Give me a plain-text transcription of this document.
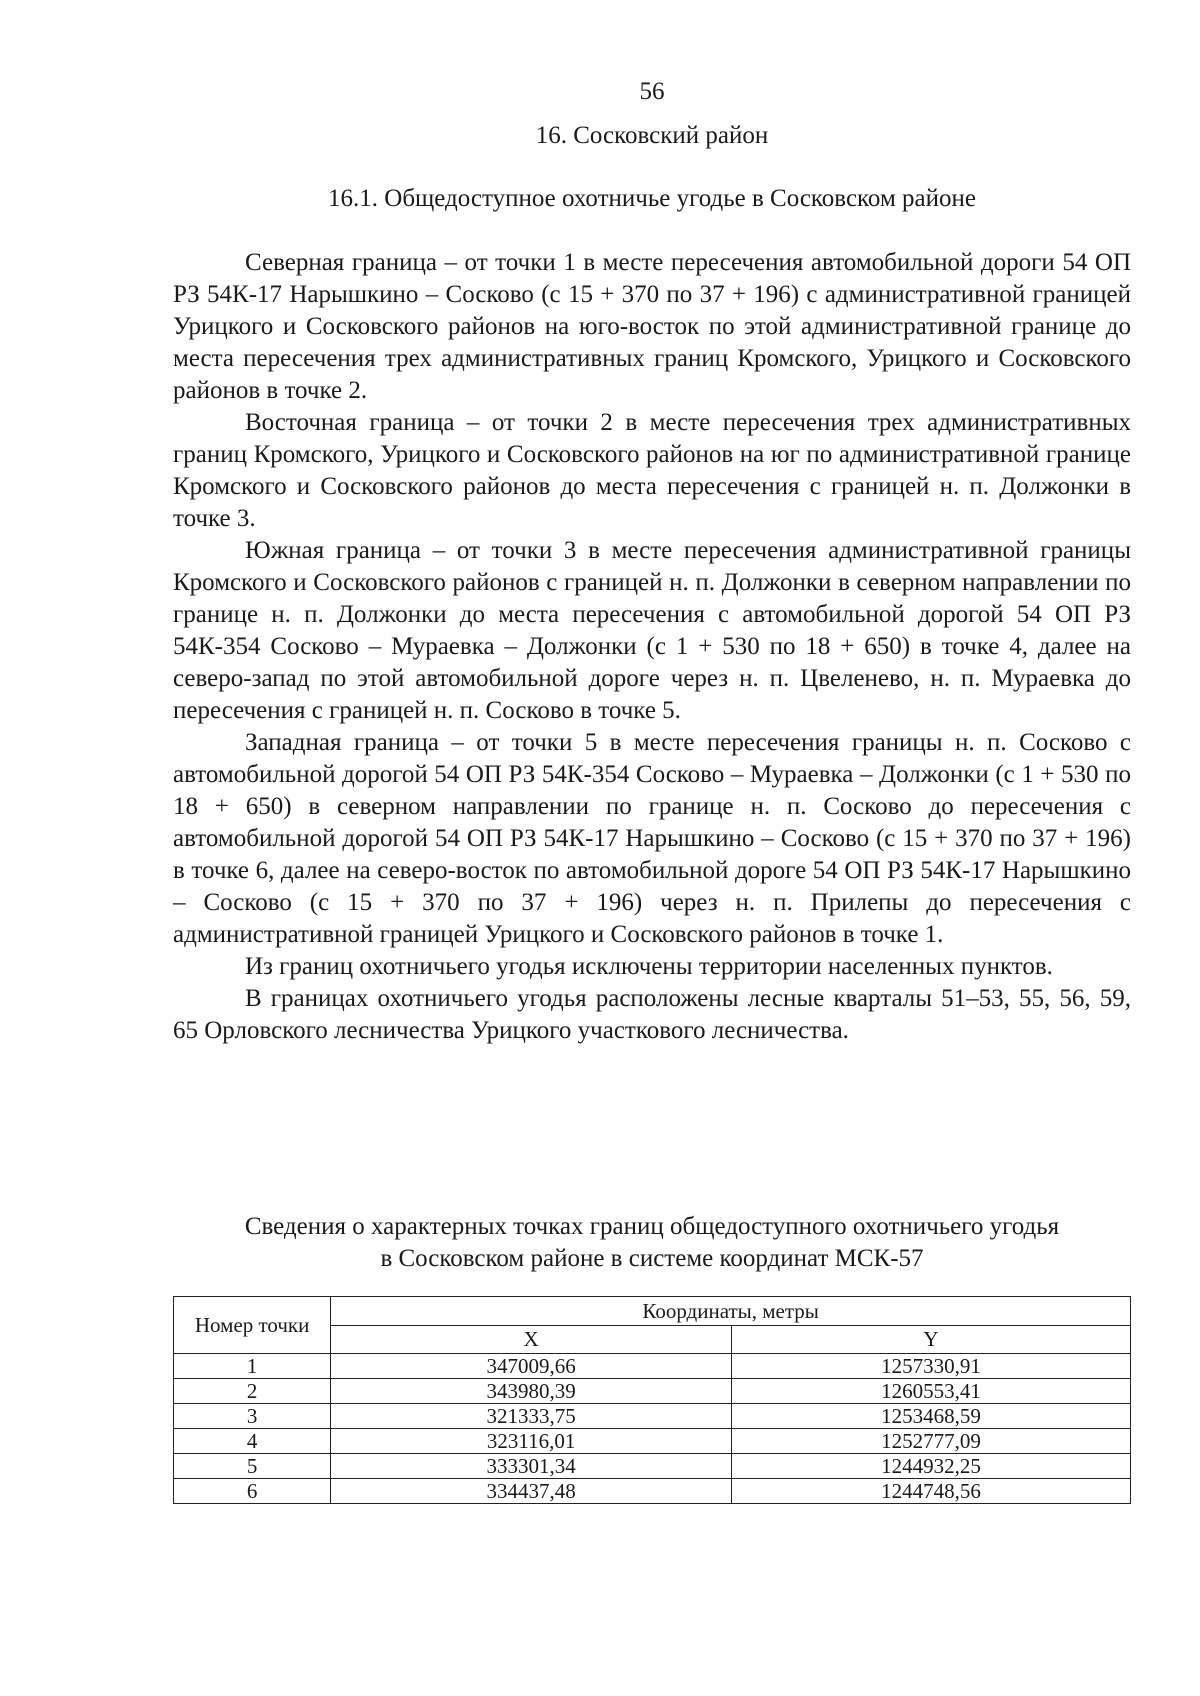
56
16. Сосковский район
16.1. Общедоступное охотничье угодье в Сосковском районе

Северная граница – от точки 1 в месте пересечения автомобильной дороги 54 ОП РЗ 54К-17 Нарышкино – Сосково (с 15 + 370 по 37 + 196) с административной границей Урицкого и Сосковского районов на юго-восток по этой административной границе до места пересечения трех административных границ Кромского, Урицкого и Сосковского районов в точке 2.

Восточная граница – от точки 2 в месте пересечения трех административных границ Кромского, Урицкого и Сосковского районов на юг по административной границе Кромского и Сосковского районов до места пересечения с границей н. п. Должонки в точке 3.

Южная граница – от точки 3 в месте пересечения административной границы Кромского и Сосковского районов с границей н. п. Должонки в северном направлении по границе н. п. Должонки до места пересечения с автомобильной дорогой 54 ОП РЗ 54К-354 Сосково – Мураевка – Должонки (с 1 + 530 по 18 + 650) в точке 4, далее на северо-запад по этой автомобильной дороге через н. п. Цвеленево, н. п. Мураевка до пересечения с границей н. п. Сосково в точке 5.

Западная граница – от точки 5 в месте пересечения границы н. п. Сосково с автомобильной дорогой 54 ОП РЗ 54К-354 Сосково – Мураевка – Должонки (с 1 + 530 по 18 + 650) в северном направлении по границе н. п. Сосково до пересечения с автомобильной дорогой 54 ОП РЗ 54К-17 Нарышкино – Сосково (с 15 + 370 по 37 + 196) в точке 6, далее на северо-восток по автомобильной дороге 54 ОП РЗ 54К-17 Нарышкино – Сосково (с 15 + 370 по 37 + 196) через н. п. Прилепы до пересечения с административной границей Урицкого и Сосковского районов в точке 1.

Из границ охотничьего угодья исключены территории населенных пунктов.

В границах охотничьего угодья расположены лесные кварталы 51–53, 55, 56, 59, 65 Орловского лесничества Урицкого участкового лесничества.

Сведения о характерных точках границ общедоступного охотничьего угодья
в Сосковском районе в системе координат МСК-57
Номер точки	Координаты, метры	
	X	Y
1	347009,66	1257330,91
2	343980,39	1260553,41
3	321333,75	1253468,59
4	323116,01	1252777,09
5	333301,34	1244932,25
6	334437,48	1244748,56
